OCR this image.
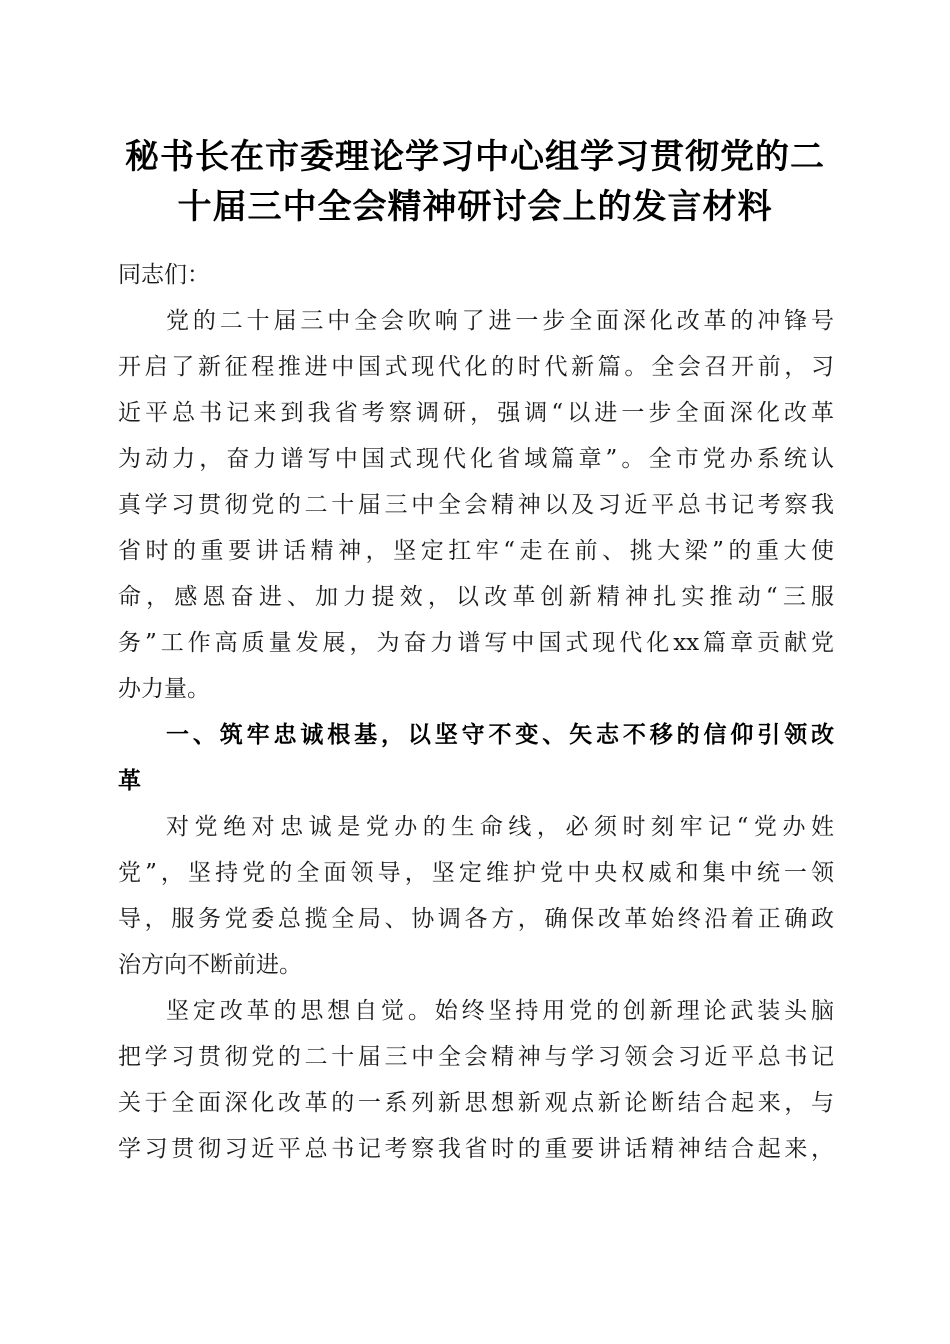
秘书长在市委理论学习中心组学习贯彻党的二
十届三中全会精神研讨会上的发言材料
同志们：
党的二十届三中全会吹响了进一步全面深化改革的冲锋号
开启了新征程推进中国式现代化的时代新篇。全会召开前，习
近平总书记来到我省考察调研，强调“以进一步全面深化改革
为动力，奋力谱写中国式现代化省域篇章”。全市党办系统认
真学习贯彻党的二十届三中全会精神以及习近平总书记考察我
省时的重要讲话精神，坚定扛牢“走在前、挑大梁”的重大使
命，感恩奋进、加力提效，以改革创新精神扎实推动“三服
务”工作高质量发展，为奋力谱写中国式现代化xx篇章贡献党
办力量。
一、筑牢忠诚根基，以坚守不变、矢志不移的信仰引领改
革
对党绝对忠诚是党办的生命线，必须时刻牢记“党办姓
党”，坚持党的全面领导，坚定维护党中央权威和集中统一领
导，服务党委总揽全局、协调各方，确保改革始终沿着正确政
治方向不断前进。
坚定改革的思想自觉。始终坚持用党的创新理论武装头脑
把学习贯彻党的二十届三中全会精神与学习领会习近平总书记
关于全面深化改革的一系列新思想新观点新论断结合起来，与
学习贯彻习近平总书记考察我省时的重要讲话精神结合起来，
